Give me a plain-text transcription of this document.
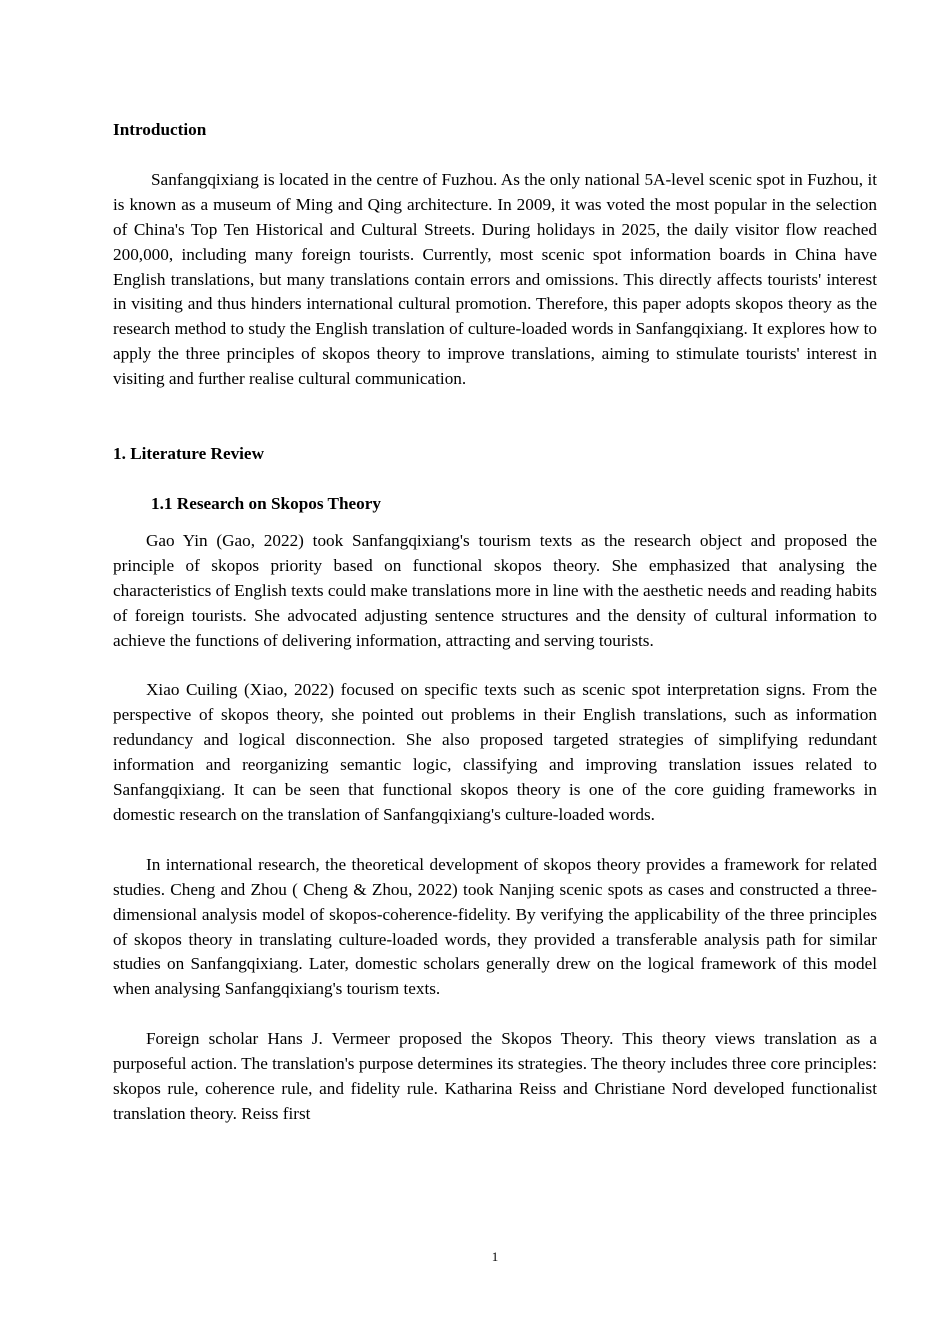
Introduction

Sanfangqixiang is located in the centre of Fuzhou. As the only national 5A-level scenic spot in Fuzhou, it is known as a museum of Ming and Qing architecture. In 2009, it was voted the most popular in the selection of China's Top Ten Historical and Cultural Streets. During holidays in 2025, the daily visitor flow reached 200,000, including many foreign tourists. Currently, most scenic spot information boards in China have English translations, but many translations contain errors and omissions. This directly affects tourists' interest in visiting and thus hinders international cultural promotion. Therefore, this paper adopts skopos theory as the research method to study the English translation of culture-loaded words in Sanfangqixiang. It explores how to apply the three principles of skopos theory to improve translations, aiming to stimulate tourists' interest in visiting and further realise cultural communication.

1. Literature Review

1.1 Research on Skopos Theory

Gao Yin (Gao, 2022) took Sanfangqixiang's tourism texts as the research object and proposed the principle of skopos priority based on functional skopos theory. She emphasized that analysing the characteristics of English texts could make translations more in line with the aesthetic needs and reading habits of foreign tourists. She advocated adjusting sentence structures and the density of cultural information to achieve the functions of delivering information, attracting and serving tourists.

Xiao Cuiling (Xiao, 2022) focused on specific texts such as scenic spot interpretation signs. From the perspective of skopos theory, she pointed out problems in their English translations, such as information redundancy and logical disconnection. She also proposed targeted strategies of simplifying redundant information and reorganizing semantic logic, classifying and improving translation issues related to Sanfangqixiang. It can be seen that functional skopos theory is one of the core guiding frameworks in domestic research on the translation of Sanfangqixiang's culture-loaded words.

In international research, the theoretical development of skopos theory provides a framework for related studies. Cheng and Zhou ( Cheng & Zhou, 2022) took Nanjing scenic spots as cases and constructed a three-dimensional analysis model of skopos-coherence-fidelity. By verifying the applicability of the three principles of skopos theory in translating culture-loaded words, they provided a transferable analysis path for similar studies on Sanfangqixiang. Later, domestic scholars generally drew on the logical framework of this model when analysing Sanfangqixiang's tourism texts.

Foreign scholar Hans J. Vermeer proposed the Skopos Theory. This theory views translation as a purposeful action. The translation's purpose determines its strategies. The theory includes three core principles: skopos rule, coherence rule, and fidelity rule. Katharina Reiss and Christiane Nord developed functionalist translation theory. Reiss first

1
